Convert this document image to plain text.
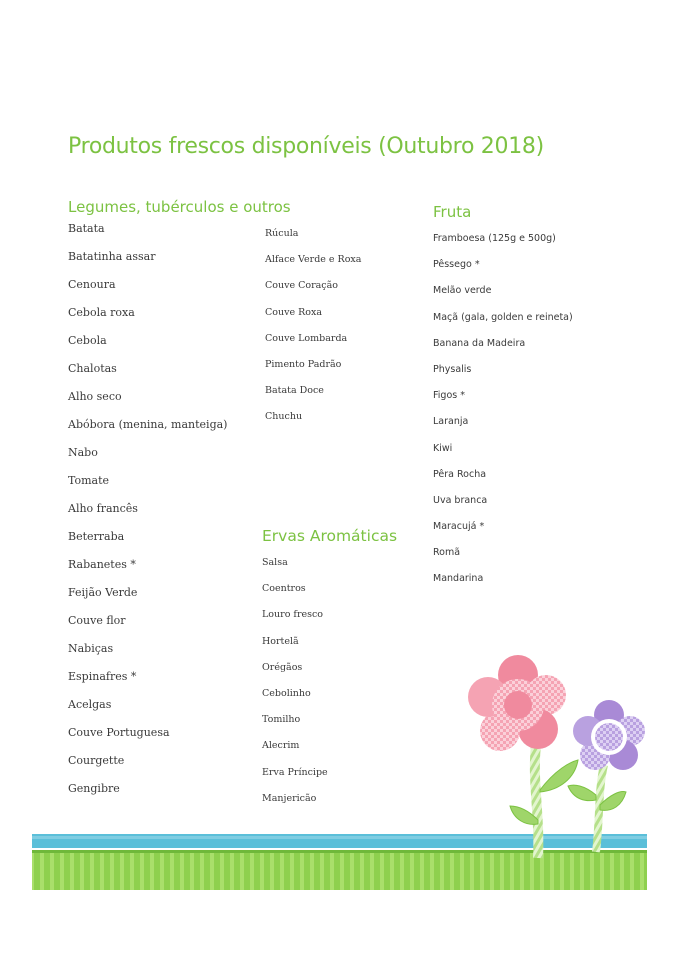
Produtos frescos disponíveis (Outubro 2018)
Legumes, tubérculos e outros
Batata
Batatinha assar
Cenoura
Cebola roxa
Cebola
Chalotas
Alho seco
Abóbora (menina, manteiga)
Nabo
Tomate
Alho francês
Beterraba
Rabanetes *
Feijão Verde
Couve flor
Nabiças
Espinafres *
Acelgas
Couve Portuguesa
Courgette
Gengibre
Rúcula
Alface Verde e Roxa
Couve Coração
Couve Roxa
Couve Lombarda
Pimento Padrão
Batata Doce
Chuchu
Ervas Aromáticas
Salsa
Coentros
Louro fresco
Hortelã
Orégãos
Cebolinho
Tomilho
Alecrim
Erva Príncipe
Manjericão
Fruta
Framboesa (125g e 500g)
Pêssego *
Melão verde
Maçã (gala, golden e reineta)
Banana da Madeira
Physalis
Figos *
Laranja
Kiwi
Pêra Rocha
Uva branca
Maracujá *
Romã
Mandarina
